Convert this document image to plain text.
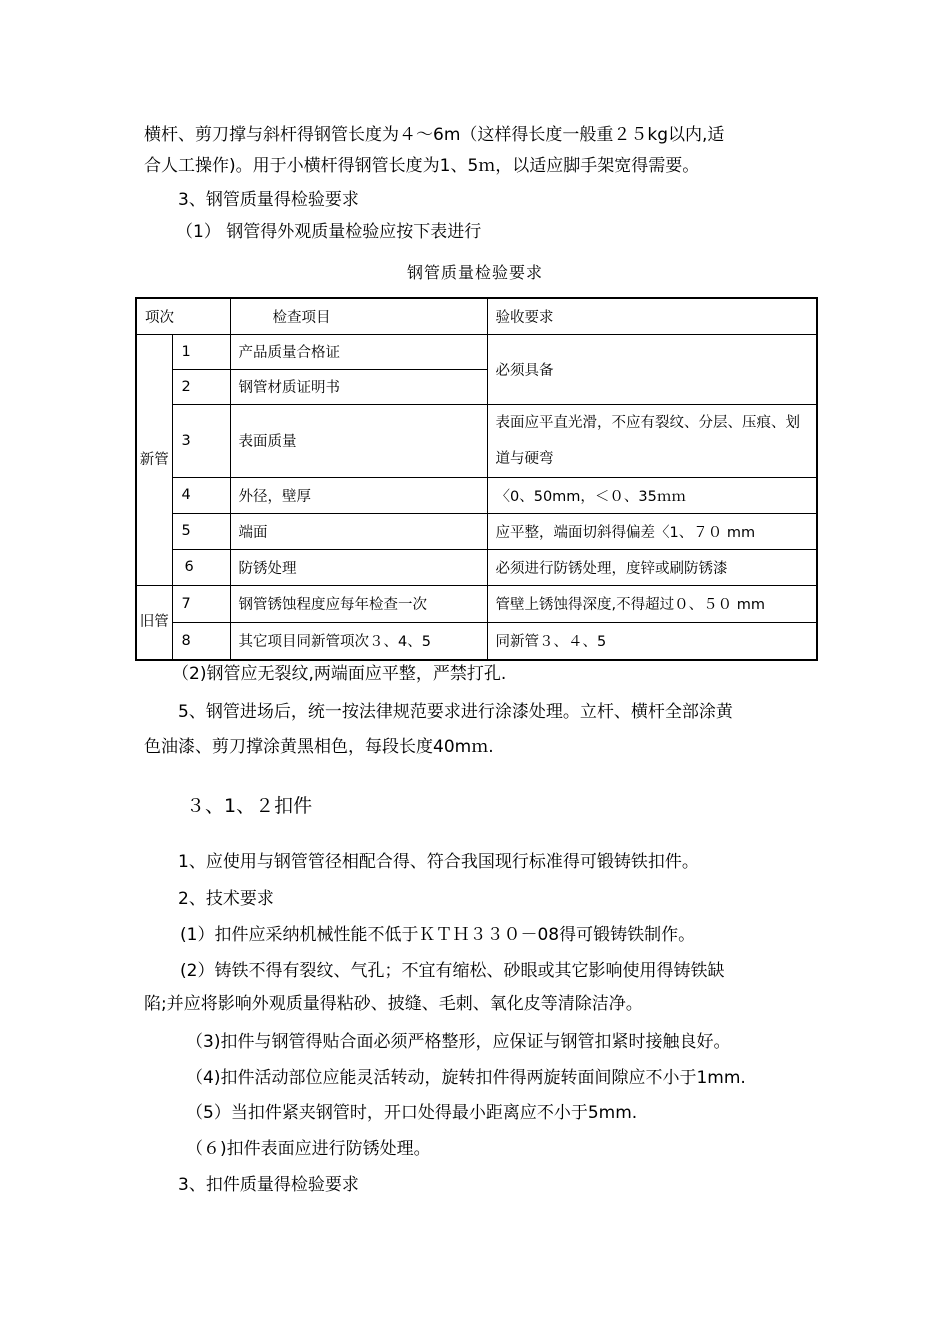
横杆、剪刀撑与斜杆得钢管长度为４～6m（这样得长度一般重２５kg以内,适
合人工操作)。用于小横杆得钢管长度为1、5ｍ，以适应脚手架宽得需要。
3、钢管质量得检验要求
（1） 钢管得外观质量检验应按下表进行
钢管质量检验要求
项次		检查项目	验收要求
新管	1	产品质量合格证	必须具备
	2	钢管材质证明书	
	3	表面质量	表面应平直光滑，不应有裂纹、分层、压痕、划道与硬弯
	4	外径，壁厚	〈0、50mm，＜０、35ｍｍ
	5	端面	应平整，端面切斜得偏差〈1、７０ mm
	6	防锈处理	必须进行防锈处理，度锌或刷防锈漆
旧管	7	钢管锈蚀程度应每年检查一次	管壁上锈蚀得深度,不得超过０、５０ mm
	8	其它项目同新管项次３、4、5	同新管３、４、5
（2)钢管应无裂纹,两端面应平整，严禁打孔.
5、钢管进场后，统一按法律规范要求进行涂漆处理。立杆、横杆全部涂黄
色油漆、剪刀撑涂黄黑相色，每段长度40mｍ.
３、1、２扣件
1、应使用与钢管管径相配合得、符合我国现行标准得可锻铸铁扣件。
2、技术要求
(1）扣件应采纳机械性能不低于ＫＴＨ３３０－08得可锻铸铁制作。
(2）铸铁不得有裂纹、气孔；不宜有缩松、砂眼或其它影响使用得铸铁缺
陷;并应将影响外观质量得粘砂、披缝、毛刺、氧化皮等清除洁净。
（3)扣件与钢管得贴合面必须严格整形，应保证与钢管扣紧时接触良好。
（4)扣件活动部位应能灵活转动，旋转扣件得两旋转面间隙应不小于1mm.
（5）当扣件紧夹钢管时，开口处得最小距离应不小于5mm.
（６)扣件表面应进行防锈处理。
3、扣件质量得检验要求
